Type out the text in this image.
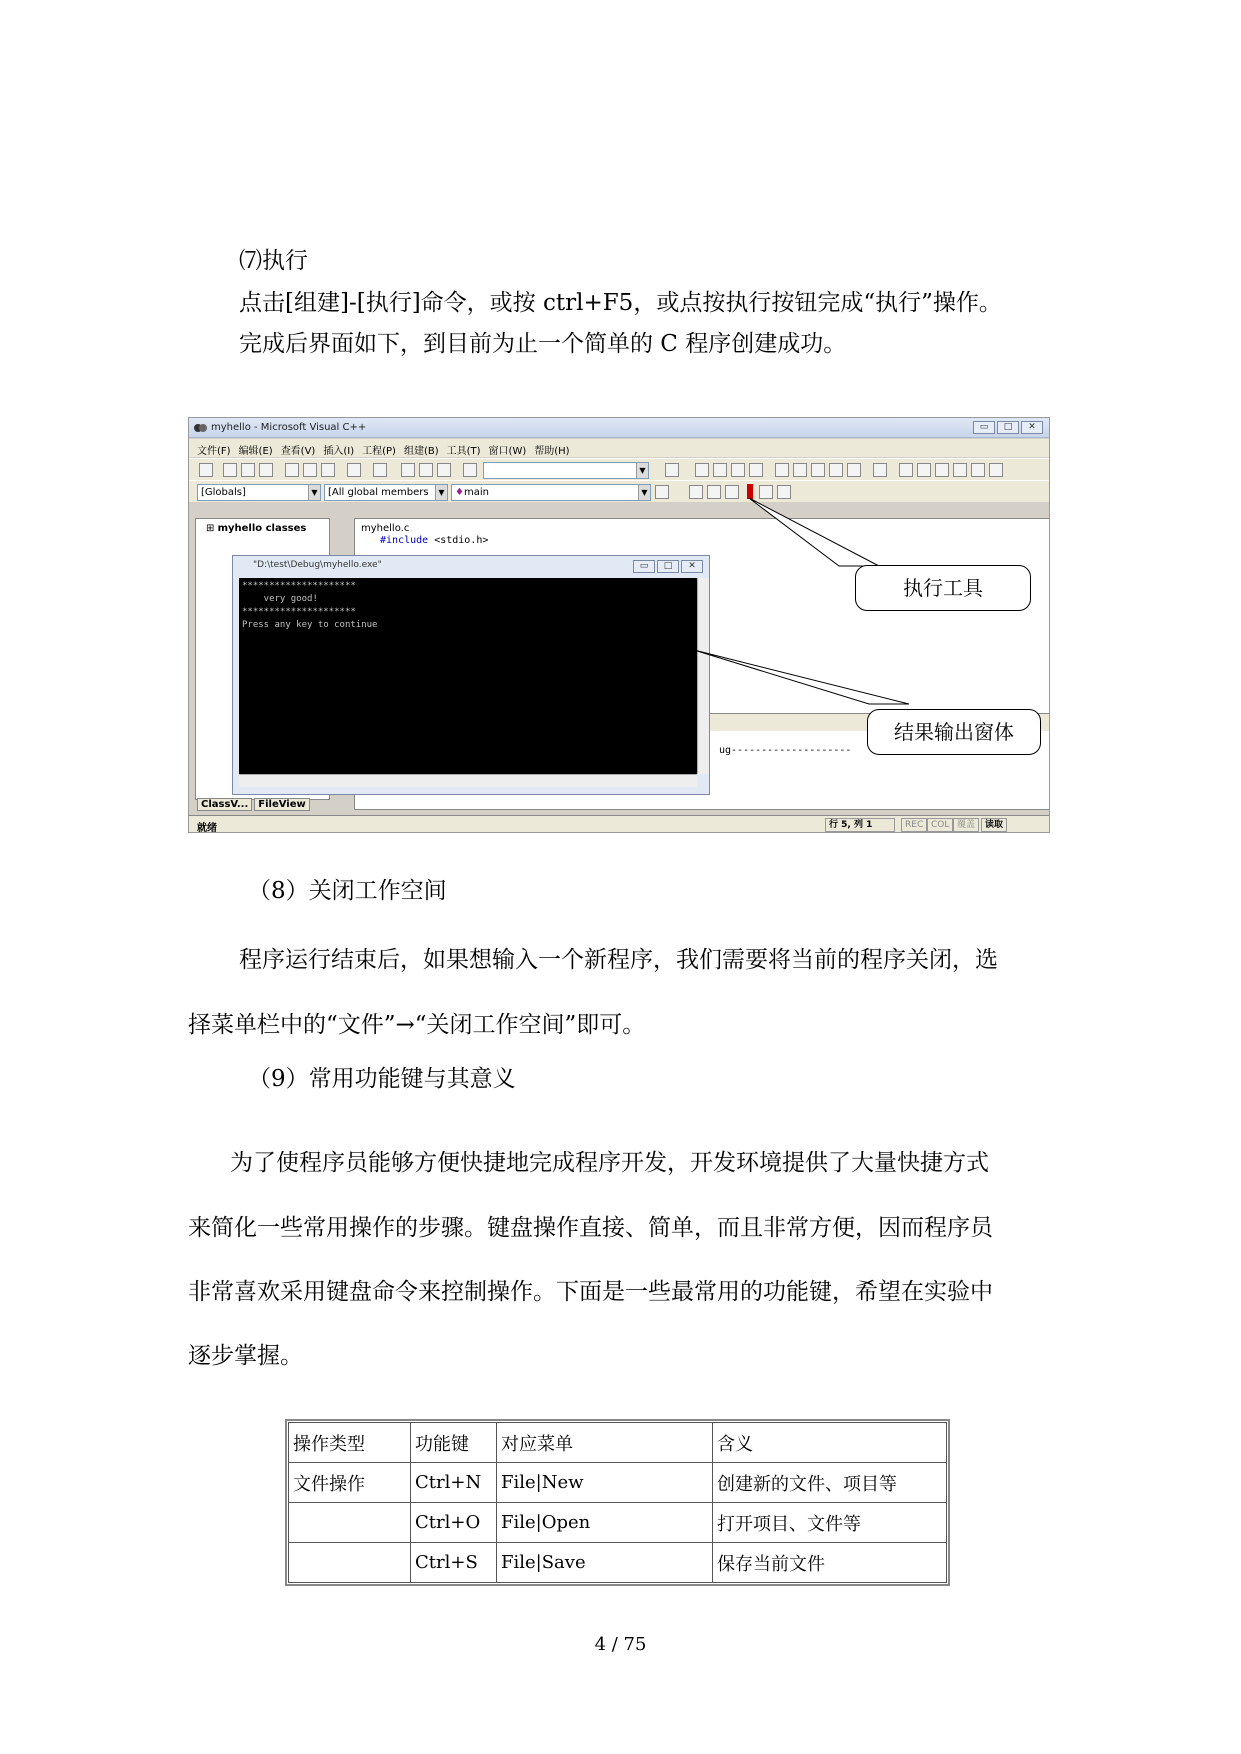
⑺执行
点击[组建]-[执行]命令，或按 ctrl+F5，或点按执行按钮完成“执行”操作。
完成后界面如下，到目前为止一个简单的 C 程序创建成功。
myhello - Microsoft Visual C++	▭	□	✕
文件(F) 编辑(E) 查看(V) 插入(I) 工程(P) 组建(B) 工具(T) 窗口(W) 帮助(H)
▼
[Globals]	▼	[All global members	▼	♦main	▼
⊞ myhello classes	myhello.c
#include <stdio.h>
ug--------------------
"D:\test\Debug\myhello.exe"	▭	□	✕
*********************
very good!
*********************
Press any key to continue
ClassV... FileView
就绪	行 5, 列 1	REC COL 覆盖	读取
执行工具
结果输出窗体
（8）关闭工作空间
程序运行结束后，如果想输入一个新程序，我们需要将当前的程序关闭，选
择菜单栏中的“文件”→“关闭工作空间”即可。
（9）常用功能键与其意义
为了使程序员能够方便快捷地完成程序开发，开发环境提供了大量快捷方式
来简化一些常用操作的步骤。键盘操作直接、简单，而且非常方便，因而程序员
非常喜欢采用键盘命令来控制操作。下面是一些最常用的功能键，希望在实验中
逐步掌握。
操作类型	功能键	对应菜单	含义
文件操作	Ctrl+N	File|New	创建新的文件、项目等
	Ctrl+O	File|Open	打开项目、文件等
	Ctrl+S	File|Save	保存当前文件
4 / 75
